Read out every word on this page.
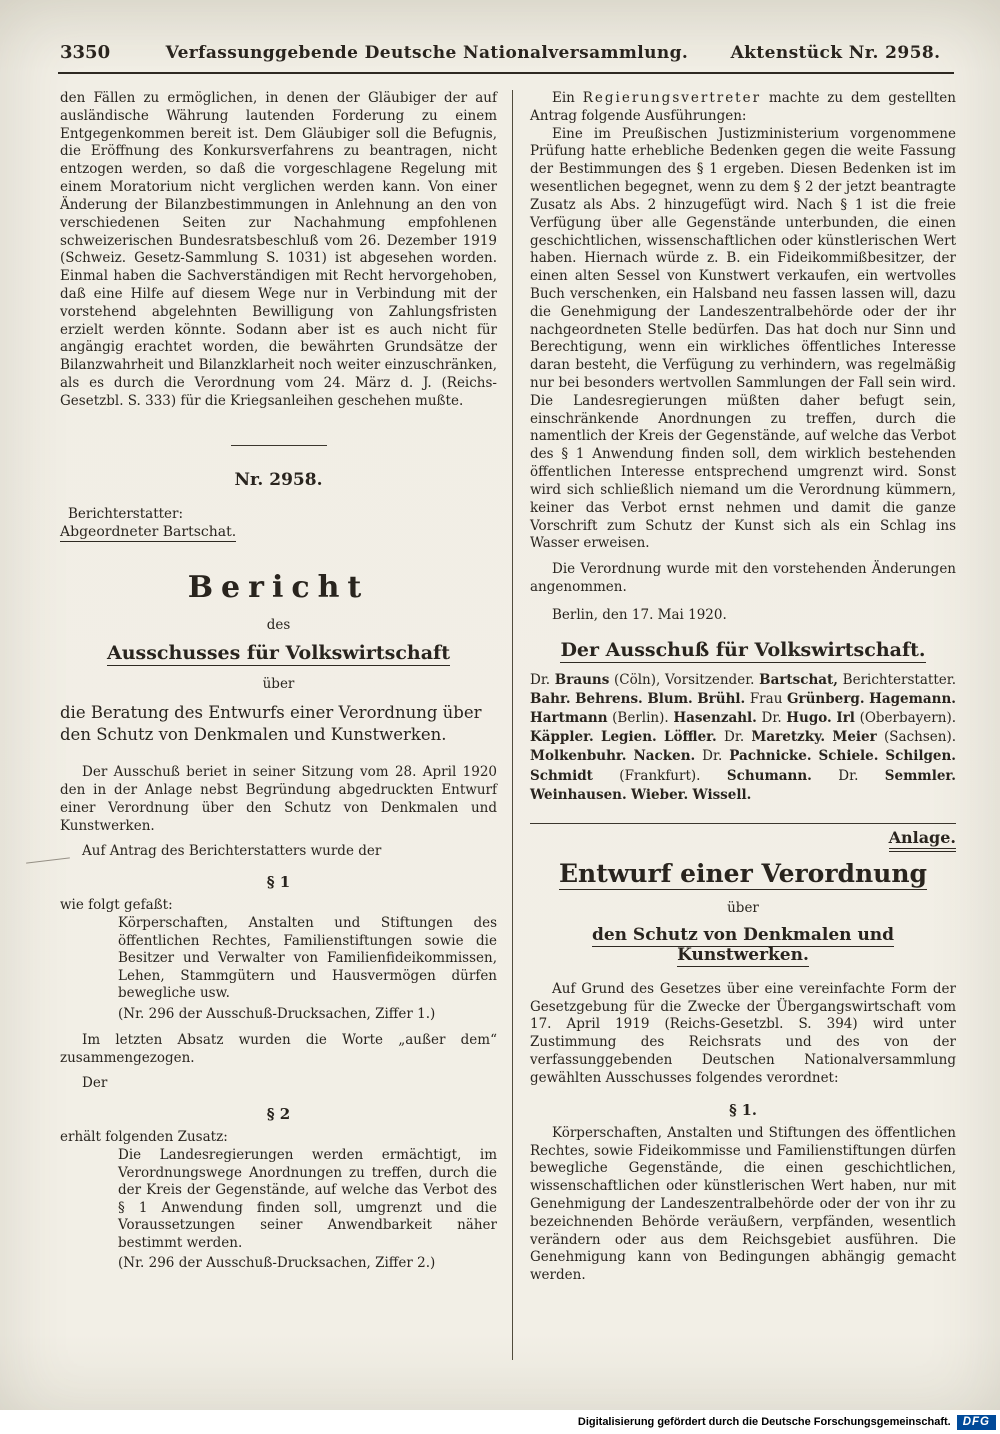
3350	Verfassunggebende Deutsche Nationalversammlung. Aktenstück Nr. 2958.

den Fällen zu ermöglichen, in denen der Gläubiger der auf ausländische Währung lautenden Forderung zu einem Entgegenkommen bereit ist. Dem Gläubiger soll die Befugnis, die Eröffnung des Konkursverfahrens zu beantragen, nicht entzogen werden, so daß die vorgeschlagene Regelung mit einem Moratorium nicht verglichen werden kann. Von einer Änderung der Bilanzbestimmungen in Anlehnung an den von verschiedenen Seiten zur Nachahmung empfohlenen schweizerischen Bundesratsbeschluß vom 26. Dezember 1919 (Schweiz. Gesetz-Sammlung S. 1031) ist abgesehen worden. Einmal haben die Sachverständigen mit Recht hervorgehoben, daß eine Hilfe auf diesem Wege nur in Verbindung mit der vorstehend abgelehnten Bewilligung von Zahlungsfristen erzielt werden könnte. Sodann aber ist es auch nicht für angängig erachtet worden, die bewährten Grundsätze der Bilanzwahrheit und Bilanzklarheit noch weiter einzuschränken, als es durch die Verordnung vom 24. März d. J. (Reichs-Gesetzbl. S. 333) für die Kriegsanleihen geschehen mußte.

Nr. 2958.

Berichterstatter:

Abgeordneter Bartschat.

Bericht

des

Ausschusses für Volkswirtschaft

über

die Beratung des Entwurfs einer Verordnung über den Schutz von Denkmalen und Kunstwerken.

Der Ausschuß beriet in seiner Sitzung vom 28. April 1920 den in der Anlage nebst Begründung abgedruckten Entwurf einer Verordnung über den Schutz von Denkmalen und Kunstwerken.

Auf Antrag des Berichterstatters wurde der

§ 1

wie folgt gefaßt:

Körperschaften, Anstalten und Stiftungen des öffentlichen Rechtes, Familienstiftungen sowie die Besitzer und Verwalter von Familienfideikommissen, Lehen, Stammgütern und Hausvermögen dürfen bewegliche usw.

(Nr. 296 der Ausschuß-Drucksachen, Ziffer 1.)

Im letzten Absatz wurden die Worte „außer dem“ zusammengezogen.

Der

§ 2

erhält folgenden Zusatz:

Die Landesregierungen werden ermächtigt, im Verordnungswege Anordnungen zu treffen, durch die der Kreis der Gegenstände, auf welche das Verbot des § 1 Anwendung finden soll, umgrenzt und die Voraussetzungen seiner Anwendbarkeit näher bestimmt werden.

(Nr. 296 der Ausschuß-Drucksachen, Ziffer 2.)

Ein Regierungsvertreter machte zu dem gestellten Antrag folgende Ausführungen:

Eine im Preußischen Justizministerium vorgenommene Prüfung hatte erhebliche Bedenken gegen die weite Fassung der Bestimmungen des § 1 ergeben. Diesen Bedenken ist im wesentlichen begegnet, wenn zu dem § 2 der jetzt beantragte Zusatz als Abs. 2 hinzugefügt wird. Nach § 1 ist die freie Verfügung über alle Gegenstände unterbunden, die einen geschichtlichen, wissenschaftlichen oder künstlerischen Wert haben. Hiernach würde z. B. ein Fideikommißbesitzer, der einen alten Sessel von Kunstwert verkaufen, ein wertvolles Buch verschenken, ein Halsband neu fassen lassen will, dazu die Genehmigung der Landeszentralbehörde oder der ihr nachgeordneten Stelle bedürfen. Das hat doch nur Sinn und Berechtigung, wenn ein wirkliches öffentliches Interesse daran besteht, die Verfügung zu verhindern, was regelmäßig nur bei besonders wertvollen Sammlungen der Fall sein wird. Die Landesregierungen müßten daher befugt sein, einschränkende Anordnungen zu treffen, durch die namentlich der Kreis der Gegenstände, auf welche das Verbot des § 1 Anwendung finden soll, dem wirklich bestehenden öffentlichen Interesse entsprechend umgrenzt wird. Sonst wird sich schließlich niemand um die Verordnung kümmern, keiner das Verbot ernst nehmen und damit die ganze Vorschrift zum Schutz der Kunst sich als ein Schlag ins Wasser erweisen.

Die Verordnung wurde mit den vorstehenden Änderungen angenommen.

Berlin, den 17. Mai 1920.

Der Ausschuß für Volkswirtschaft.

Dr. Brauns (Cöln), Vorsitzender. Bartschat, Berichterstatter. Bahr. Behrens. Blum. Brühl. Frau Grünberg. Hagemann. Hartmann (Berlin). Hasenzahl. Dr. Hugo. Irl (Oberbayern). Käppler. Legien. Löffler. Dr. Maretzky. Meier (Sachsen). Molkenbuhr. Nacken. Dr. Pachnicke. Schiele. Schilgen. Schmidt (Frankfurt). Schumann. Dr. Semmler. Weinhausen. Wieber. Wissell.

Anlage.

Entwurf einer Verordnung

über

den Schutz von Denkmalen und Kunstwerken.

Auf Grund des Gesetzes über eine vereinfachte Form der Gesetzgebung für die Zwecke der Übergangswirtschaft vom 17. April 1919 (Reichs-Gesetzbl. S. 394) wird unter Zustimmung des Reichsrats und des von der verfassunggebenden Deutschen Nationalversammlung gewählten Ausschusses folgendes verordnet:

§ 1.

Körperschaften, Anstalten und Stiftungen des öffentlichen Rechtes, sowie Fideikommisse und Familienstiftungen dürfen bewegliche Gegenstände, die einen geschichtlichen, wissenschaftlichen oder künstlerischen Wert haben, nur mit Genehmigung der Landeszentralbehörde oder der von ihr zu bezeichnenden Behörde veräußern, verpfänden, wesentlich verändern oder aus dem Reichsgebiet ausführen. Die Genehmigung kann von Bedingungen abhängig gemacht werden.

Digitalisierung gefördert durch die Deutsche Forschungsgemeinschaft.	DFG
